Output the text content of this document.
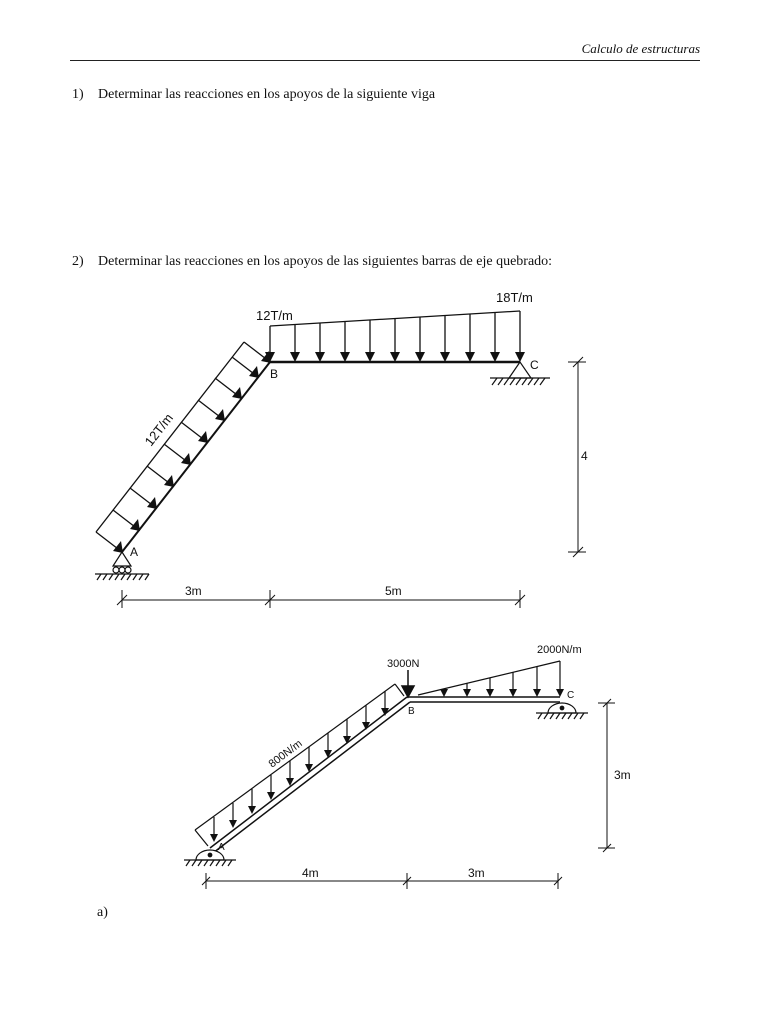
Calculo de estructuras
1) Determinar las reacciones en los apoyos de la siguiente viga
2) Determinar las reacciones en los apoyos de las siguientes barras de eje quebrado:
12T/m
18T/m
12T/m
A
B
C
3m	5m
4
3000N
2000N/m
800N/m
A
B
C
4m	3m
3m
a)
